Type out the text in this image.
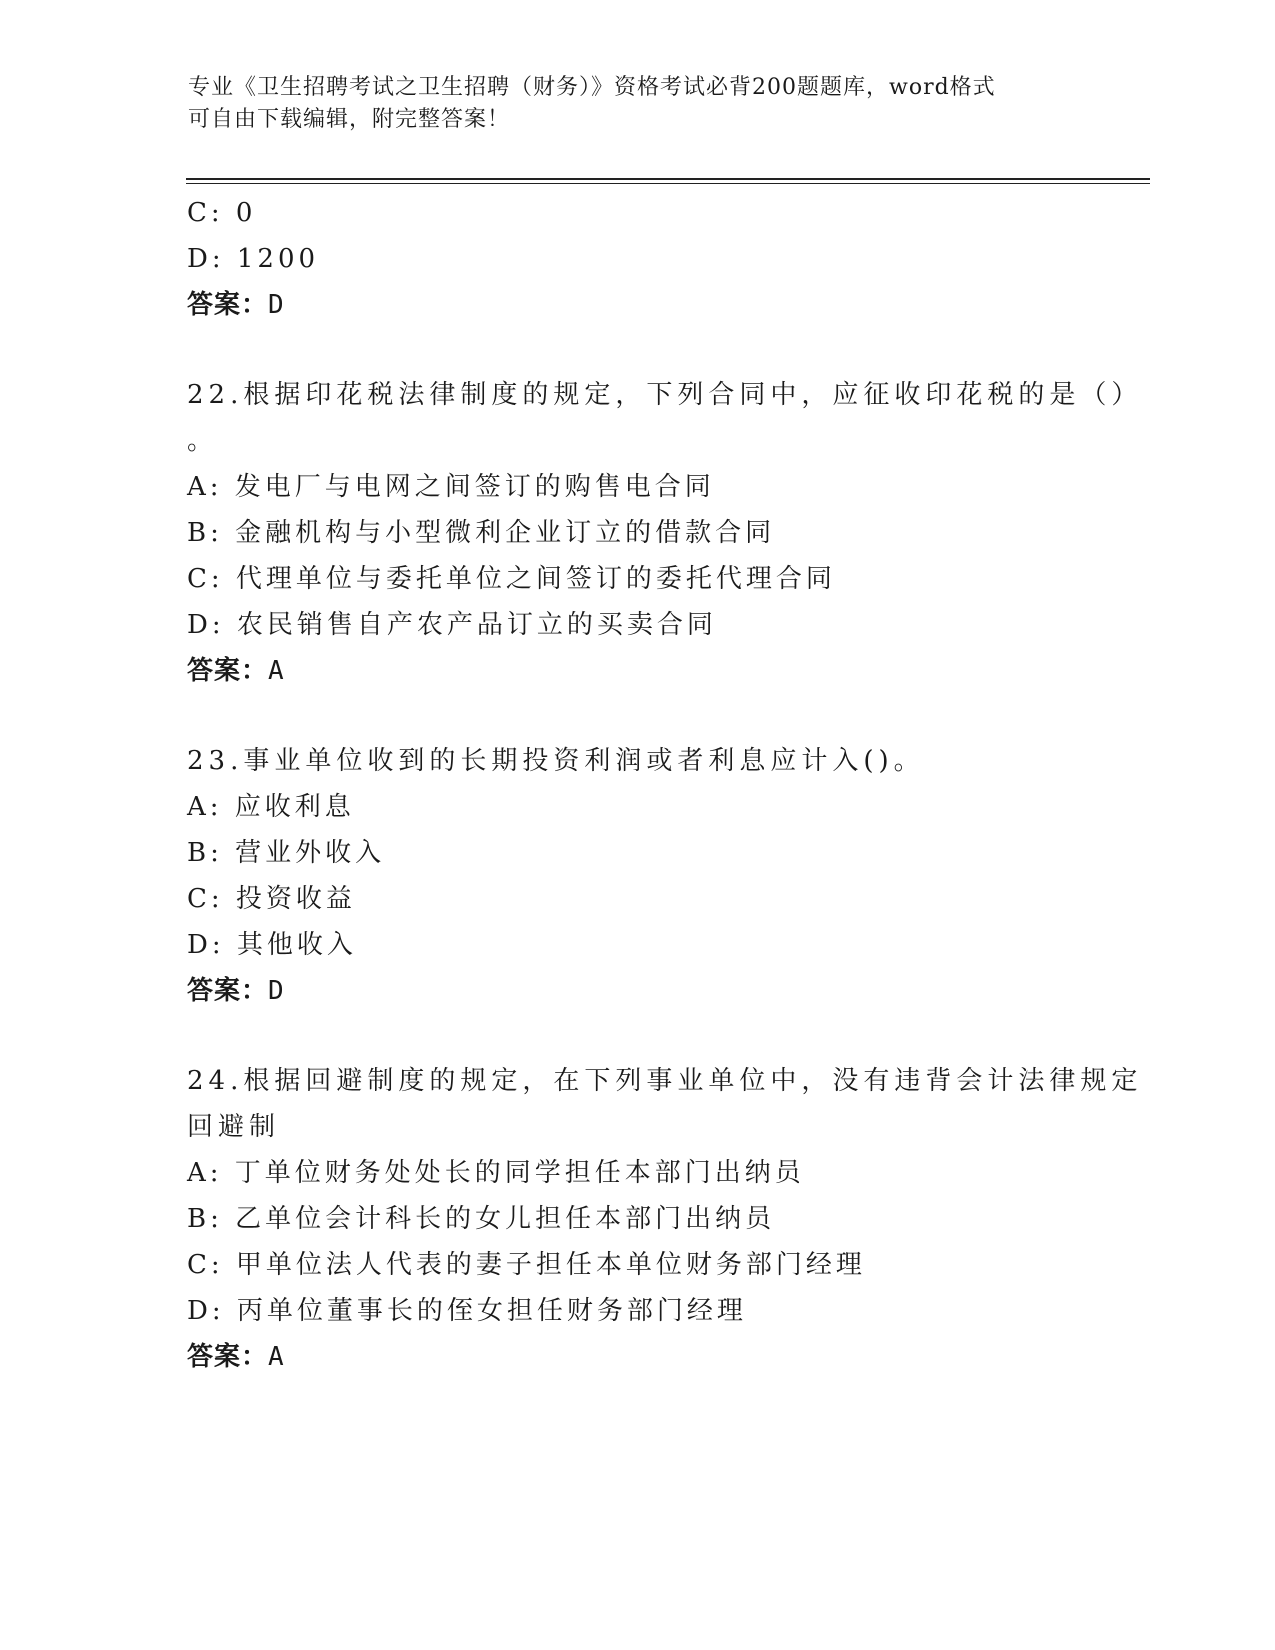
专业《卫生招聘考试之卫生招聘（财务）》资格考试必背200题题库，word格式
可自由下载编辑，附完整答案！
C: 0
D: 1200
答案：D
22.根据印花税法律制度的规定，下列合同中，应征收印花税的是（）
。
A: 发电厂与电网之间签订的购售电合同
B: 金融机构与小型微利企业订立的借款合同
C: 代理单位与委托单位之间签订的委托代理合同
D: 农民销售自产农产品订立的买卖合同
答案：A
23.事业单位收到的长期投资利润或者利息应计入()。
A: 应收利息
B: 营业外收入
C: 投资收益
D: 其他收入
答案：D
24.根据回避制度的规定，在下列事业单位中，没有违背会计法律规定
回避制
A: 丁单位财务处处长的同学担任本部门出纳员
B: 乙单位会计科长的女儿担任本部门出纳员
C: 甲单位法人代表的妻子担任本单位财务部门经理
D: 丙单位董事长的侄女担任财务部门经理
答案：A
